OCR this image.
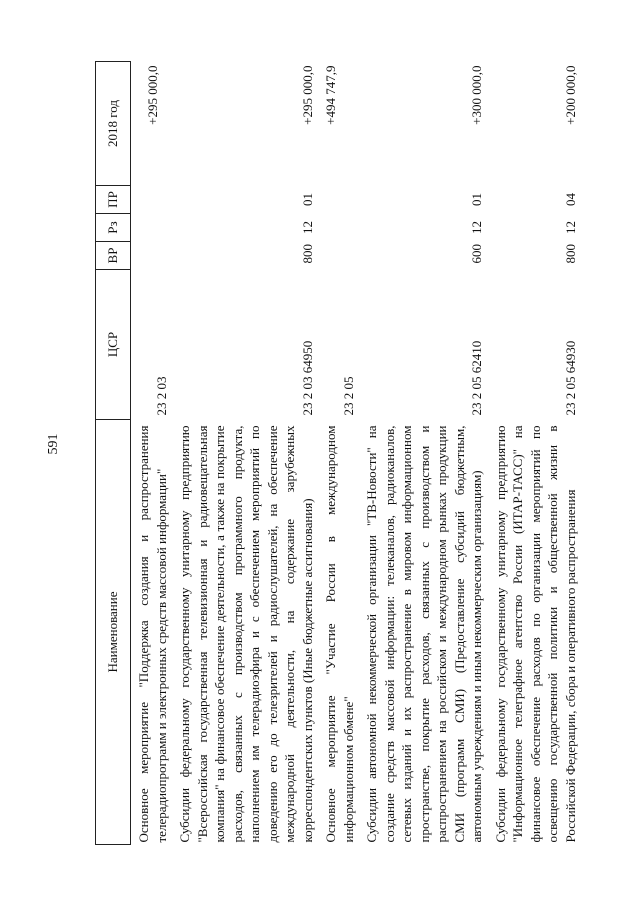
591
Наименование	ЦСР	ВР	Рз	ПР	2018 год
Основное мероприятие "Поддержка создания и распространения телерадиопрограмм и электронных средств массовой информации"	23 2 03				+295 000,0
Субсидии федеральному государственному унитарному предприятию "Всероссийская государственная телевизионная и радиовещательная компания" на финансовое обеспечение деятельности, а также на покрытие расходов, связанных с производством программного продукта, наполнением им телерадиоэфира и с обеспечением мероприятий по доведению его до телезрителей и радиослушателей, на обеспечение международной деятельности, на содержание зарубежных корреспондентских пунктов (Иные бюджетные ассигнования)	23 2 03 64950	800	12	01	+295 000,0
Основное мероприятие "Участие России в международном информационном обмене"	23 2 05				+494 747,9
Субсидии автономной некоммерческой организации "ТВ-Новости" на создание средств массовой информации: телеканалов, радиоканалов, сетевых изданий и их распространение в мировом информационном пространстве, покрытие расходов, связанных с производством и распространением на российском и международном рынках продукции СМИ (программ СМИ) (Предоставление субсидий бюджетным, автономным учреждениям и иным некоммерческим организациям)	23 2 05 62410	600	12	01	+300 000,0
Субсидии федеральному государственному унитарному предприятию "Информационное телеграфное агентство России (ИТАР-ТАСС)" на финансовое обеспечение расходов по организации мероприятий по освещению государственной политики и общественной жизни в Российской Федерации, сбора и оперативного распространения	23 2 05 64930	800	12	04	+200 000,0
